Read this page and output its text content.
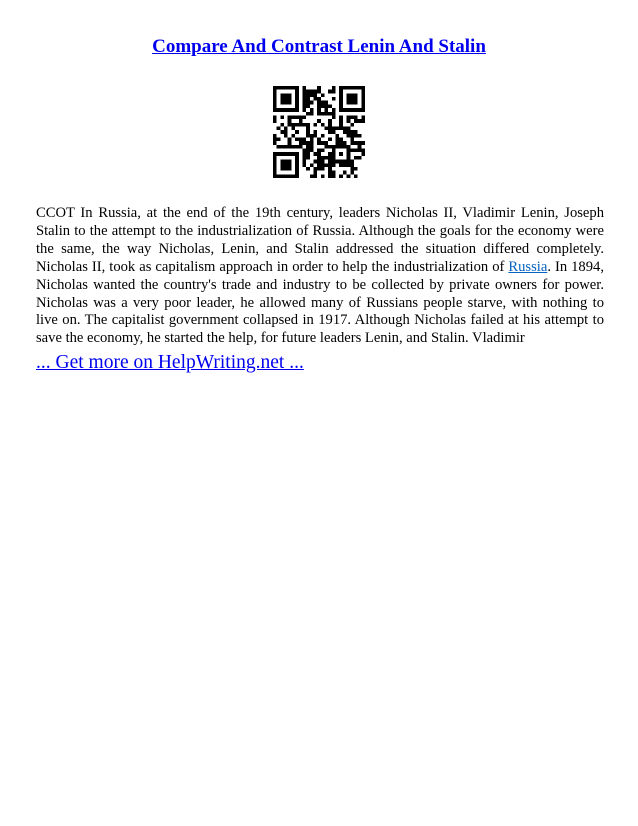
Compare And Contrast Lenin And Stalin

CCOT In Russia, at the end of the 19th century, leaders Nicholas II, Vladimir Lenin, Joseph Stalin to the attempt to the industrialization of Russia. Although the goals for the economy were the same, the way Nicholas, Lenin, and Stalin addressed the situation differed completely. Nicholas II, took as capitalism approach in order to help the industrialization of Russia. In 1894, Nicholas wanted the country's trade and industry to be collected by private owners for power. Nicholas was a very poor leader, he allowed many of Russians people starve, with nothing to live on. The capitalist government collapsed in 1917. Although Nicholas failed at his attempt to save the economy, he started the help, for future leaders Lenin, and Stalin. Vladimir

... Get more on HelpWriting.net ...
